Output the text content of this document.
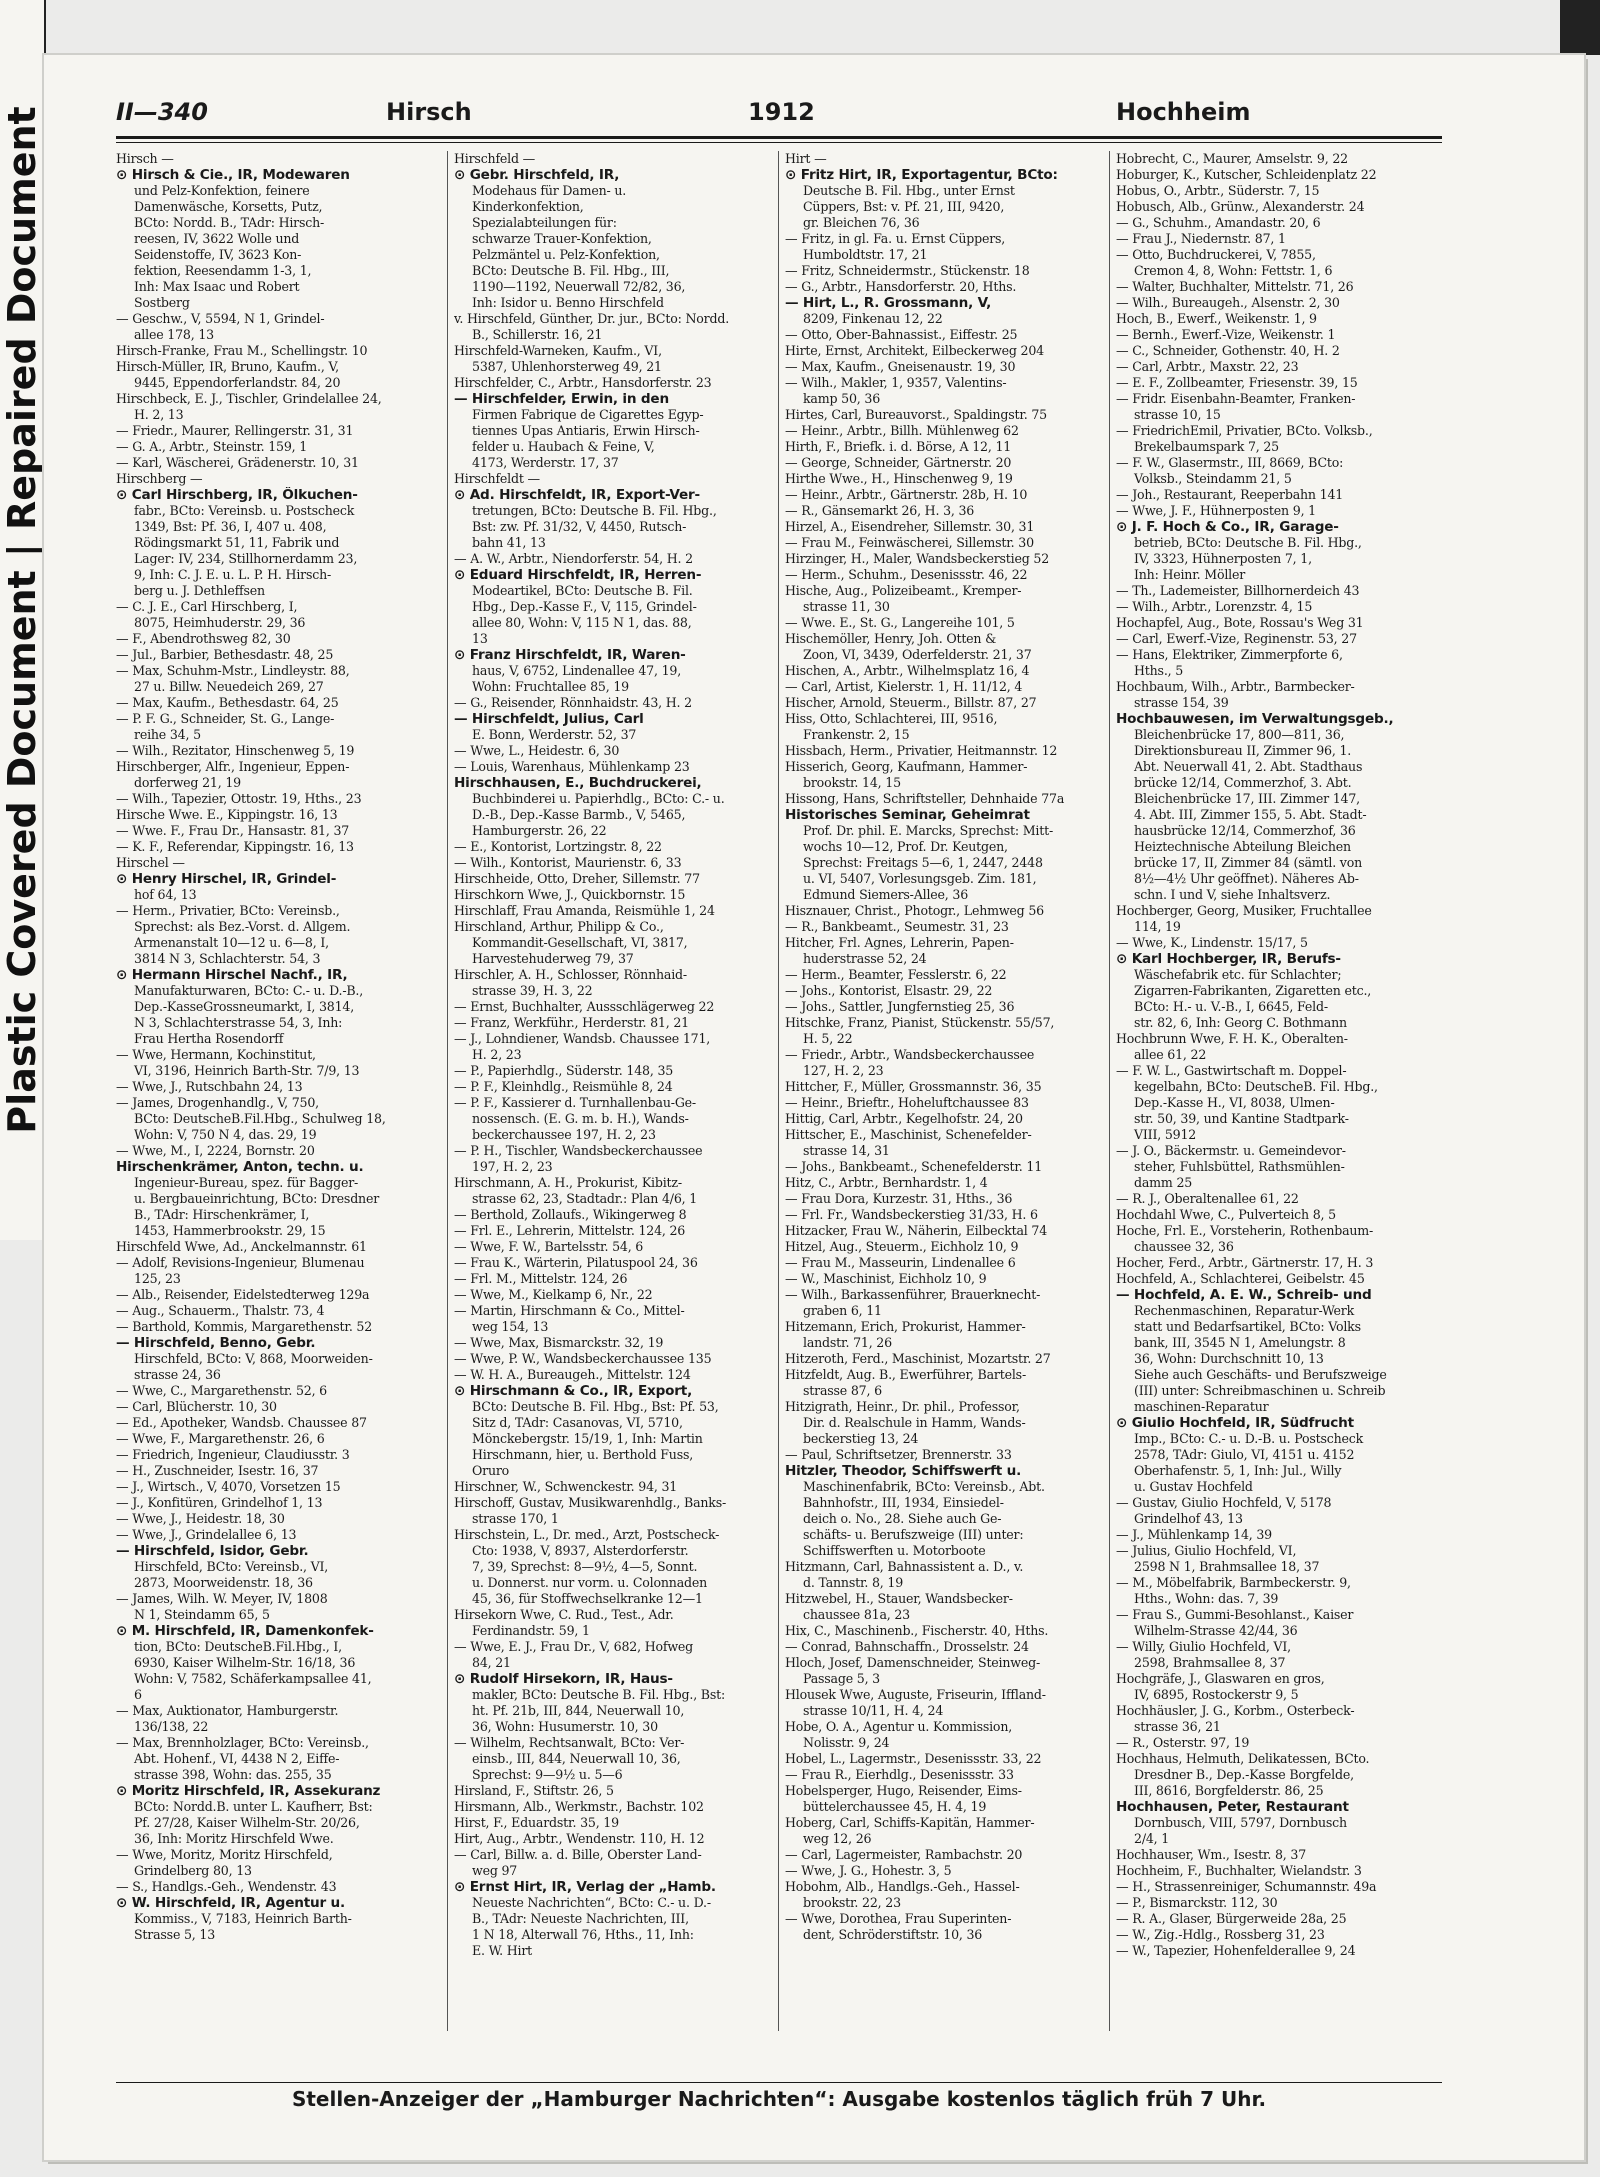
Plastic Covered Document | Repaired Document	II—340	Hirsch	1912	Hochheim
Hirsch —
⊙ Hirsch & Cie., IR, Modewaren
und Pelz-Konfektion, feinere
Damenwäsche, Korsetts, Putz,
BCto: Nordd. B., TAdr: Hirsch-
reesen, IV, 3622 Wolle und
Seidenstoffe, IV, 3623 Kon-
fektion, Reesendamm 1-3, 1,
Inh: Max Isaac und Robert
Sostberg
— Geschw., V, 5594, N 1, Grindel-
allee 178, 13
Hirsch-Franke, Frau M., Schellingstr. 10
Hirsch-Müller, IR, Bruno, Kaufm., V,
9445, Eppendorferlandstr. 84, 20
Hirschbeck, E. J., Tischler, Grindelallee 24,
H. 2, 13
— Friedr., Maurer, Rellingerstr. 31, 31
— G. A., Arbtr., Steinstr. 159, 1
— Karl, Wäscherei, Grädenerstr. 10, 31
Hirschberg —
⊙ Carl Hirschberg, IR, Ölkuchen-
fabr., BCto: Vereinsb. u. Postscheck
1349, Bst: Pf. 36, I, 407 u. 408,
Rödingsmarkt 51, 11, Fabrik und
Lager: IV, 234, Stillhornerdamm 23,
9, Inh: C. J. E. u. L. P. H. Hirsch-
berg u. J. Dethleffsen
— C. J. E., Carl Hirschberg, I,
8075, Heimhuderstr. 29, 36
— F., Abendrothsweg 82, 30
— Jul., Barbier, Bethesdastr. 48, 25
— Max, Schuhm-Mstr., Lindleystr. 88,
27 u. Billw. Neuedeich 269, 27
— Max, Kaufm., Bethesdastr. 64, 25
— P. F. G., Schneider, St. G., Lange-
reihe 34, 5
— Wilh., Rezitator, Hinschenweg 5, 19
Hirschberger, Alfr., Ingenieur, Eppen-
dorferweg 21, 19
— Wilh., Tapezier, Ottostr. 19, Hths., 23
Hirsche Wwe. E., Kippingstr. 16, 13
— Wwe. F., Frau Dr., Hansastr. 81, 37
— K. F., Referendar, Kippingstr. 16, 13
Hirschel —
⊙ Henry Hirschel, IR, Grindel-
hof 64, 13
— Herm., Privatier, BCto: Vereinsb.,
Sprechst: als Bez.-Vorst. d. Allgem.
Armenanstalt 10—12 u. 6—8, I,
3814 N 3, Schlachterstr. 54, 3
⊙ Hermann Hirschel Nachf., IR,
Manufakturwaren, BCto: C.- u. D.-B.,
Dep.-KasseGrossneumarkt, I, 3814,
N 3, Schlachterstrasse 54, 3, Inh:
Frau Hertha Rosendorff
— Wwe, Hermann, Kochinstitut,
VI, 3196, Heinrich Barth-Str. 7/9, 13
— Wwe, J., Rutschbahn 24, 13
— James, Drogenhandlg., V, 750,
BCto: DeutscheB.Fil.Hbg., Schulweg 18,
Wohn: V, 750 N 4, das. 29, 19
— Wwe, M., I, 2224, Bornstr. 20
Hirschenkrämer, Anton, techn. u.
Ingenieur-Bureau, spez. für Bagger-
u. Bergbaueinrichtung, BCto: Dresdner
B., TAdr: Hirschenkrämer, I,
1453, Hammerbrookstr. 29, 15
Hirschfeld Wwe, Ad., Anckelmannstr. 61
— Adolf, Revisions-Ingenieur, Blumenau
125, 23
— Alb., Reisender, Eidelstedterweg 129a
— Aug., Schauerm., Thalstr. 73, 4
— Barthold, Kommis, Margarethenstr. 52
— Hirschfeld, Benno, Gebr.
Hirschfeld, BCto: V, 868, Moorweiden-
strasse 24, 36
— Wwe, C., Margarethenstr. 52, 6
— Carl, Blücherstr. 10, 30
— Ed., Apotheker, Wandsb. Chaussee 87
— Wwe, F., Margarethenstr. 26, 6
— Friedrich, Ingenieur, Claudiusstr. 3
— H., Zuschneider, Isestr. 16, 37
— J., Wirtsch., V, 4070, Vorsetzen 15
— J., Konfitüren, Grindelhof 1, 13
— Wwe, J., Heidestr. 18, 30
— Wwe, J., Grindelallee 6, 13
— Hirschfeld, Isidor, Gebr.
Hirschfeld, BCto: Vereinsb., VI,
2873, Moorweidenstr. 18, 36
— James, Wilh. W. Meyer, IV, 1808
N 1, Steindamm 65, 5
⊙ M. Hirschfeld, IR, Damenkonfek-
tion, BCto: DeutscheB.Fil.Hbg., I,
6930, Kaiser Wilhelm-Str. 16/18, 36
Wohn: V, 7582, Schäferkampsallee 41,
6
— Max, Auktionator, Hamburgerstr.
136/138, 22
— Max, Brennholzlager, BCto: Vereinsb.,
Abt. Hohenf., VI, 4438 N 2, Eiffe-
strasse 398, Wohn: das. 255, 35
⊙ Moritz Hirschfeld, IR, Assekuranz
BCto: Nordd.B. unter L. Kaufherr, Bst:
Pf. 27/28, Kaiser Wilhelm-Str. 20/26,
36, Inh: Moritz Hirschfeld Wwe.
— Wwe, Moritz, Moritz Hirschfeld,
Grindelberg 80, 13
— S., Handlgs.-Geh., Wendenstr. 43
⊙ W. Hirschfeld, IR, Agentur u.
Kommiss., V, 7183, Heinrich Barth-
Strasse 5, 13
Hirschfeld —
⊙ Gebr. Hirschfeld, IR,
Modehaus für Damen- u.
Kinderkonfektion,
Spezialabteilungen für:
schwarze Trauer-Konfektion,
Pelzmäntel u. Pelz-Konfektion,
BCto: Deutsche B. Fil. Hbg., III,
1190—1192, Neuerwall 72/82, 36,
Inh: Isidor u. Benno Hirschfeld
v. Hirschfeld, Günther, Dr. jur., BCto: Nordd.
B., Schillerstr. 16, 21
Hirschfeld-Warneken, Kaufm., VI,
5387, Uhlenhorsterweg 49, 21
Hirschfelder, C., Arbtr., Hansdorferstr. 23
— Hirschfelder, Erwin, in den
Firmen Fabrique de Cigarettes Egyp-
tiennes Upas Antiaris, Erwin Hirsch-
felder u. Haubach & Feine, V,
4173, Werderstr. 17, 37
Hirschfeldt —
⊙ Ad. Hirschfeldt, IR, Export-Ver-
tretungen, BCto: Deutsche B. Fil. Hbg.,
Bst: zw. Pf. 31/32, V, 4450, Rutsch-
bahn 41, 13
— A. W., Arbtr., Niendorferstr. 54, H. 2
⊙ Eduard Hirschfeldt, IR, Herren-
Modeartikel, BCto: Deutsche B. Fil.
Hbg., Dep.-Kasse F., V, 115, Grindel-
allee 80, Wohn: V, 115 N 1, das. 88,
13
⊙ Franz Hirschfeldt, IR, Waren-
haus, V, 6752, Lindenallee 47, 19,
Wohn: Fruchtallee 85, 19
— G., Reisender, Rönnhaidstr. 43, H. 2
— Hirschfeldt, Julius, Carl
E. Bonn, Werderstr. 52, 37
— Wwe, L., Heidestr. 6, 30
— Louis, Warenhaus, Mühlenkamp 23
Hirschhausen, E., Buchdruckerei,
Buchbinderei u. Papierhdlg., BCto: C.- u.
D.-B., Dep.-Kasse Barmb., V, 5465,
Hamburgerstr. 26, 22
— E., Kontorist, Lortzingstr. 8, 22
— Wilh., Kontorist, Maurienstr. 6, 33
Hirschheide, Otto, Dreher, Sillemstr. 77
Hirschkorn Wwe, J., Quickbornstr. 15
Hirschlaff, Frau Amanda, Reismühle 1, 24
Hirschland, Arthur, Philipp & Co.,
Kommandit-Gesellschaft, VI, 3817,
Harvestehuderweg 79, 37
Hirschler, A. H., Schlosser, Rönnhaid-
strasse 39, H. 3, 22
— Ernst, Buchhalter, Aussschlägerweg 22
— Franz, Werkführ., Herderstr. 81, 21
— J., Lohndiener, Wandsb. Chaussee 171,
H. 2, 23
— P., Papierhdlg., Süderstr. 148, 35
— P. F., Kleinhdlg., Reismühle 8, 24
— P. F., Kassierer d. Turnhallenbau-Ge-
nossensch. (E. G. m. b. H.), Wands-
beckerchaussee 197, H. 2, 23
— P. H., Tischler, Wandsbeckerchaussee
197, H. 2, 23
Hirschmann, A. H., Prokurist, Kibitz-
strasse 62, 23, Stadtadr.: Plan 4/6, 1
— Berthold, Zollaufs., Wikingerweg 8
— Frl. E., Lehrerin, Mittelstr. 124, 26
— Wwe, F. W., Bartelsstr. 54, 6
— Frau K., Wärterin, Pilatuspool 24, 36
— Frl. M., Mittelstr. 124, 26
— Wwe, M., Kielkamp 6, Nr., 22
— Martin, Hirschmann & Co., Mittel-
weg 154, 13
— Wwe, Max, Bismarckstr. 32, 19
— Wwe, P. W., Wandsbeckerchaussee 135
— W. H. A., Bureaugeh., Mittelstr. 124
⊙ Hirschmann & Co., IR, Export,
BCto: Deutsche B. Fil. Hbg., Bst: Pf. 53,
Sitz d, TAdr: Casanovas, VI, 5710,
Mönckebergstr. 15/19, 1, Inh: Martin
Hirschmann, hier, u. Berthold Fuss,
Oruro
Hirschner, W., Schwenckestr. 94, 31
Hirschoff, Gustav, Musikwarenhdlg., Banks-
strasse 170, 1
Hirschstein, L., Dr. med., Arzt, Postscheck-
Cto: 1938, V, 8937, Alsterdorferstr.
7, 39, Sprechst: 8—9½, 4—5, Sonnt.
u. Donnerst. nur vorm. u. Colonnaden
45, 36, für Stoffwechselkranke 12—1
Hirsekorn Wwe, C. Rud., Test., Adr.
Ferdinandstr. 59, 1
— Wwe, E. J., Frau Dr., V, 682, Hofweg
84, 21
⊙ Rudolf Hirsekorn, IR, Haus-
makler, BCto: Deutsche B. Fil. Hbg., Bst:
ht. Pf. 21b, III, 844, Neuerwall 10,
36, Wohn: Husumerstr. 10, 30
— Wilhelm, Rechtsanwalt, BCto: Ver-
einsb., III, 844, Neuerwall 10, 36,
Sprechst: 9—9½ u. 5—6
Hirsland, F., Stiftstr. 26, 5
Hirsmann, Alb., Werkmstr., Bachstr. 102
Hirst, F., Eduardstr. 35, 19
Hirt, Aug., Arbtr., Wendenstr. 110, H. 12
— Carl, Billw. a. d. Bille, Oberster Land-
weg 97
⊙ Ernst Hirt, IR, Verlag der „Hamb.
Neueste Nachrichten“, BCto: C.- u. D.-
B., TAdr: Neueste Nachrichten, III,
1 N 18, Alterwall 76, Hths., 11, Inh:
E. W. Hirt
Hirt —
⊙ Fritz Hirt, IR, Exportagentur, BCto:
Deutsche B. Fil. Hbg., unter Ernst
Cüppers, Bst: v. Pf. 21, III, 9420,
gr. Bleichen 76, 36
— Fritz, in gl. Fa. u. Ernst Cüppers,
Humboldtstr. 17, 21
— Fritz, Schneidermstr., Stückenstr. 18
— G., Arbtr., Hansdorferstr. 20, Hths.
— Hirt, L., R. Grossmann, V,
8209, Finkenau 12, 22
— Otto, Ober-Bahnassist., Eiffestr. 25
Hirte, Ernst, Architekt, Eilbeckerweg 204
— Max, Kaufm., Gneisenaustr. 19, 30
— Wilh., Makler, 1, 9357, Valentins-
kamp 50, 36
Hirtes, Carl, Bureauvorst., Spaldingstr. 75
— Heinr., Arbtr., Billh. Mühlenweg 62
Hirth, F., Briefk. i. d. Börse, A 12, 11
— George, Schneider, Gärtnerstr. 20
Hirthe Wwe., H., Hinschenweg 9, 19
— Heinr., Arbtr., Gärtnerstr. 28b, H. 10
— R., Gänsemarkt 26, H. 3, 36
Hirzel, A., Eisendreher, Sillemstr. 30, 31
— Frau M., Feinwäscherei, Sillemstr. 30
Hirzinger, H., Maler, Wandsbeckerstieg 52
— Herm., Schuhm., Desenissstr. 46, 22
Hische, Aug., Polizeibeamt., Kremper-
strasse 11, 30
— Wwe. E., St. G., Langereihe 101, 5
Hischemöller, Henry, Joh. Otten &
Zoon, VI, 3439, Oderfelderstr. 21, 37
Hischen, A., Arbtr., Wilhelmsplatz 16, 4
— Carl, Artist, Kielerstr. 1, H. 11/12, 4
Hischer, Arnold, Steuerm., Billstr. 87, 27
Hiss, Otto, Schlachterei, III, 9516,
Frankenstr. 2, 15
Hissbach, Herm., Privatier, Heitmannstr. 12
Hisserich, Georg, Kaufmann, Hammer-
brookstr. 14, 15
Hissong, Hans, Schriftsteller, Dehnhaide 77a
Historisches Seminar, Geheimrat
Prof. Dr. phil. E. Marcks, Sprechst: Mitt-
wochs 10—12, Prof. Dr. Keutgen,
Sprechst: Freitags 5—6, 1, 2447, 2448
u. VI, 5407, Vorlesungsgeb. Zim. 181,
Edmund Siemers-Allee, 36
Hisznauer, Christ., Photogr., Lehmweg 56
— R., Bankbeamt., Seumestr. 31, 23
Hitcher, Frl. Agnes, Lehrerin, Papen-
huderstrasse 52, 24
— Herm., Beamter, Fesslerstr. 6, 22
— Johs., Kontorist, Elsastr. 29, 22
— Johs., Sattler, Jungfernstieg 25, 36
Hitschke, Franz, Pianist, Stückenstr. 55/57,
H. 5, 22
— Friedr., Arbtr., Wandsbeckerchaussee
127, H. 2, 23
Hittcher, F., Müller, Grossmannstr. 36, 35
— Heinr., Brieftr., Hoheluftchaussee 83
Hittig, Carl, Arbtr., Kegelhofstr. 24, 20
Hittscher, E., Maschinist, Schenefelder-
strasse 14, 31
— Johs., Bankbeamt., Schenefelderstr. 11
Hitz, C., Arbtr., Bernhardstr. 1, 4
— Frau Dora, Kurzestr. 31, Hths., 36
— Frl. Fr., Wandsbeckerstieg 31/33, H. 6
Hitzacker, Frau W., Näherin, Eilbecktal 74
Hitzel, Aug., Steuerm., Eichholz 10, 9
— Frau M., Masseurin, Lindenallee 6
— W., Maschinist, Eichholz 10, 9
— Wilh., Barkassenführer, Brauerknecht-
graben 6, 11
Hitzemann, Erich, Prokurist, Hammer-
landstr. 71, 26
Hitzeroth, Ferd., Maschinist, Mozartstr. 27
Hitzfeldt, Aug. B., Ewerführer, Bartels-
strasse 87, 6
Hitzigrath, Heinr., Dr. phil., Professor,
Dir. d. Realschule in Hamm, Wands-
beckerstieg 13, 24
— Paul, Schriftsetzer, Brennerstr. 33
Hitzler, Theodor, Schiffswerft u.
Maschinenfabrik, BCto: Vereinsb., Abt.
Bahnhofstr., III, 1934, Einsiedel-
deich o. No., 28. Siehe auch Ge-
schäfts- u. Berufszweige (III) unter:
Schiffswerften u. Motorboote
Hitzmann, Carl, Bahnassistent a. D., v.
d. Tannstr. 8, 19
Hitzwebel, H., Stauer, Wandsbecker-
chaussee 81a, 23
Hix, C., Maschinenb., Fischerstr. 40, Hths.
— Conrad, Bahnschaffn., Drosselstr. 24
Hloch, Josef, Damenschneider, Steinweg-
Passage 5, 3
Hlousek Wwe, Auguste, Friseurin, Iffland-
strasse 10/11, H. 4, 24
Hobe, O. A., Agentur u. Kommission,
Nolisstr. 9, 24
Hobel, L., Lagermstr., Desenissstr. 33, 22
— Frau R., Eierhdlg., Desenissstr. 33
Hobelsperger, Hugo, Reisender, Eims-
büttelerchaussee 45, H. 4, 19
Hoberg, Carl, Schiffs-Kapitän, Hammer-
weg 12, 26
— Carl, Lagermeister, Rambachstr. 20
— Wwe, J. G., Hohestr. 3, 5
Hobohm, Alb., Handlgs.-Geh., Hassel-
brookstr. 22, 23
— Wwe, Dorothea, Frau Superinten-
dent, Schröderstiftstr. 10, 36
Hobrecht, C., Maurer, Amselstr. 9, 22
Hoburger, K., Kutscher, Schleidenplatz 22
Hobus, O., Arbtr., Süderstr. 7, 15
Hobusch, Alb., Grünw., Alexanderstr. 24
— G., Schuhm., Amandastr. 20, 6
— Frau J., Niedernstr. 87, 1
— Otto, Buchdruckerei, V, 7855,
Cremon 4, 8, Wohn: Fettstr. 1, 6
— Walter, Buchhalter, Mittelstr. 71, 26
— Wilh., Bureaugeh., Alsenstr. 2, 30
Hoch, B., Ewerf., Weikenstr. 1, 9
— Bernh., Ewerf.-Vize, Weikenstr. 1
— C., Schneider, Gothenstr. 40, H. 2
— Carl, Arbtr., Maxstr. 22, 23
— E. F., Zollbeamter, Friesenstr. 39, 15
— Fridr. Eisenbahn-Beamter, Franken-
strasse 10, 15
— FriedrichEmil, Privatier, BCto. Volksb.,
Brekelbaumspark 7, 25
— F. W., Glasermstr., III, 8669, BCto:
Volksb., Steindamm 21, 5
— Joh., Restaurant, Reeperbahn 141
— Wwe, J. F., Hühnerposten 9, 1
⊙ J. F. Hoch & Co., IR, Garage-
betrieb, BCto: Deutsche B. Fil. Hbg.,
IV, 3323, Hühnerposten 7, 1,
Inh: Heinr. Möller
— Th., Lademeister, Billhornerdeich 43
— Wilh., Arbtr., Lorenzstr. 4, 15
Hochapfel, Aug., Bote, Rossau's Weg 31
— Carl, Ewerf.-Vize, Reginenstr. 53, 27
— Hans, Elektriker, Zimmerpforte 6,
Hths., 5
Hochbaum, Wilh., Arbtr., Barmbecker-
strasse 154, 39
Hochbauwesen, im Verwaltungsgeb.,
Bleichenbrücke 17, 800—811, 36,
Direktionsbureau II, Zimmer 96, 1.
Abt. Neuerwall 41, 2. Abt. Stadthaus
brücke 12/14, Commerzhof, 3. Abt.
Bleichenbrücke 17, III. Zimmer 147,
4. Abt. III, Zimmer 155, 5. Abt. Stadt-
hausbrücke 12/14, Commerzhof, 36
Heiztechnische Abteilung Bleichen
brücke 17, II, Zimmer 84 (sämtl. von
8½—4½ Uhr geöffnet). Näheres Ab-
schn. I und V, siehe Inhaltsverz.
Hochberger, Georg, Musiker, Fruchtallee
114, 19
— Wwe, K., Lindenstr. 15/17, 5
⊙ Karl Hochberger, IR, Berufs-
Wäschefabrik etc. für Schlachter;
Zigarren-Fabrikanten, Zigaretten etc.,
BCto: H.- u. V.-B., I, 6645, Feld-
str. 82, 6, Inh: Georg C. Bothmann
Hochbrunn Wwe, F. H. K., Oberalten-
allee 61, 22
— F. W. L., Gastwirtschaft m. Doppel-
kegelbahn, BCto: DeutscheB. Fil. Hbg.,
Dep.-Kasse H., VI, 8038, Ulmen-
str. 50, 39, und Kantine Stadtpark-
VIII, 5912
— J. O., Bäckermstr. u. Gemeindevor-
steher, Fuhlsbüttel, Rathsmühlen-
damm 25
— R. J., Oberaltenallee 61, 22
Hochdahl Wwe, C., Pulverteich 8, 5
Hoche, Frl. E., Vorsteherin, Rothenbaum-
chaussee 32, 36
Hocher, Ferd., Arbtr., Gärtnerstr. 17, H. 3
Hochfeld, A., Schlachterei, Geibelstr. 45
— Hochfeld, A. E. W., Schreib- und
Rechenmaschinen, Reparatur-Werk
statt und Bedarfsartikel, BCto: Volks
bank, III, 3545 N 1, Amelungstr. 8
36, Wohn: Durchschnitt 10, 13
Siehe auch Geschäfts- und Berufszweige
(III) unter: Schreibmaschinen u. Schreib
maschinen-Reparatur
⊙ Giulio Hochfeld, IR, Südfrucht
Imp., BCto: C.- u. D.-B. u. Postscheck
2578, TAdr: Giulo, VI, 4151 u. 4152
Oberhafenstr. 5, 1, Inh: Jul., Willy
u. Gustav Hochfeld
— Gustav, Giulio Hochfeld, V, 5178
Grindelhof 43, 13
— J., Mühlenkamp 14, 39
— Julius, Giulio Hochfeld, VI,
2598 N 1, Brahmsallee 18, 37
— M., Möbelfabrik, Barmbeckerstr. 9,
Hths., Wohn: das. 7, 39
— Frau S., Gummi-Besohlanst., Kaiser
Wilhelm-Strasse 42/44, 36
— Willy, Giulio Hochfeld, VI,
2598, Brahmsallee 8, 37
Hochgräfe, J., Glaswaren en gros,
IV, 6895, Rostockerstr 9, 5
Hochhäusler, J. G., Korbm., Osterbeck-
strasse 36, 21
— R., Osterstr. 97, 19
Hochhaus, Helmuth, Delikatessen, BCto.
Dresdner B., Dep.-Kasse Borgfelde,
III, 8616, Borgfelderstr. 86, 25
Hochhausen, Peter, Restaurant
Dornbusch, VIII, 5797, Dornbusch
2/4, 1
Hochhauser, Wm., Isestr. 8, 37
Hochheim, F., Buchhalter, Wielandstr. 3
— H., Strassenreiniger, Schumannstr. 49a
— P., Bismarckstr. 112, 30
— R. A., Glaser, Bürgerweide 28a, 25
— W., Zig.-Hdlg., Rossberg 31, 23
— W., Tapezier, Hohenfelderallee 9, 24
Stellen-Anzeiger der „Hamburger Nachrichten“: Ausgabe kostenlos täglich früh 7 Uhr.
